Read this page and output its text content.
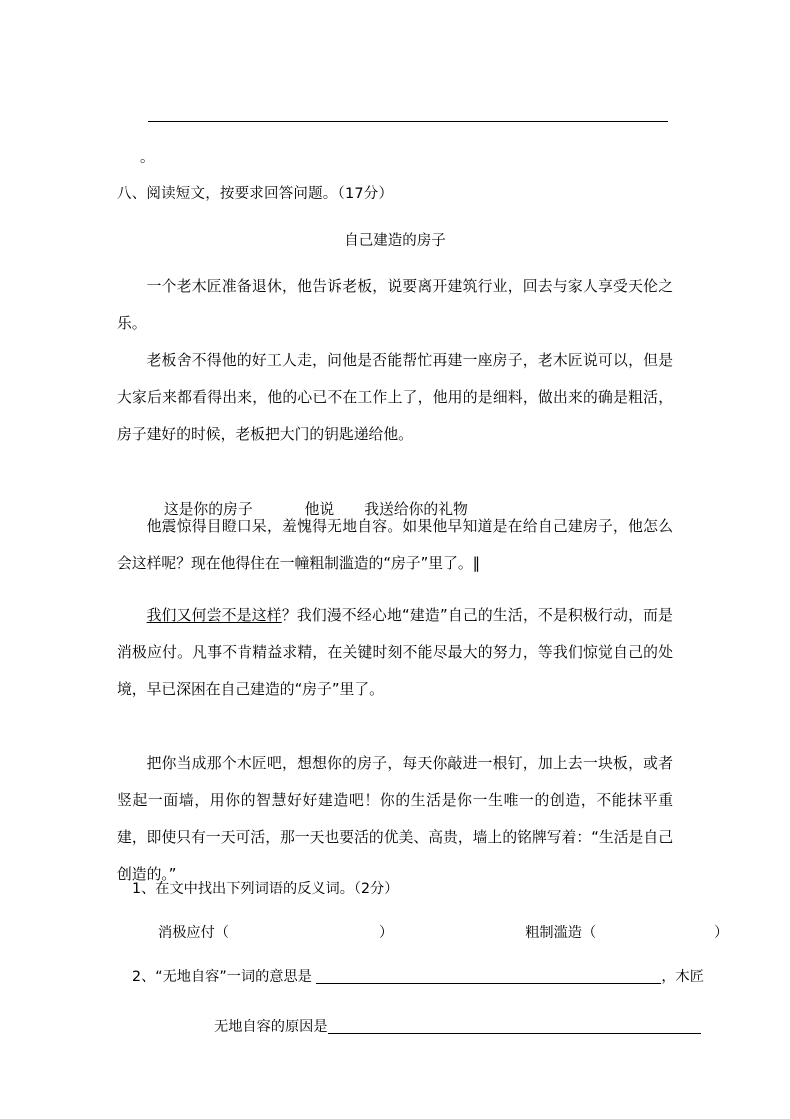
。
八、阅读短文，按要求回答问题。（17分）
自己建造的房子
一个老木匠准备退休，他告诉老板，说要离开建筑行业，回去与家人享受天伦之乐。
老板舍不得他的好工人走，问他是否能帮忙再建一座房子，老木匠说可以，但是大家后来都看得出来，他的心已不在工作上了，他用的是细料，做出来的确是粗活，房子建好的时候，老板把大门的钥匙递给他。

这是你的房子	他说 我送给你的礼物

他震惊得目瞪口呆，羞愧得无地自容。如果他早知道是在给自己建房子，他怎么会这样呢？现在他得住在一幢粗制滥造的“房子”里了。‖
我们又何尝不是这样？我们漫不经心地“建造”自己的生活，不是积极行动，而是消极应付。凡事不肯精益求精，在关键时刻不能尽最大的努力，等我们惊觉自己的处境，早已深困在自己建造的“房子”里了。
把你当成那个木匠吧，想想你的房子，每天你敲进一根钉，加上去一块板，或者竖起一面墙，用你的智慧好好建造吧！你的生活是你一生唯一的创造，不能抹平重建，即使只有一天可活，那一天也要活的优美、高贵，墙上的铭牌写着：“生活是自己创造的。”

1、在文中找出下列词语的反义词。（2分）

消极应付（	）	粗制滥造（	）

2、“无地自容”一词的意思是	，木匠

无地自容的原因是
